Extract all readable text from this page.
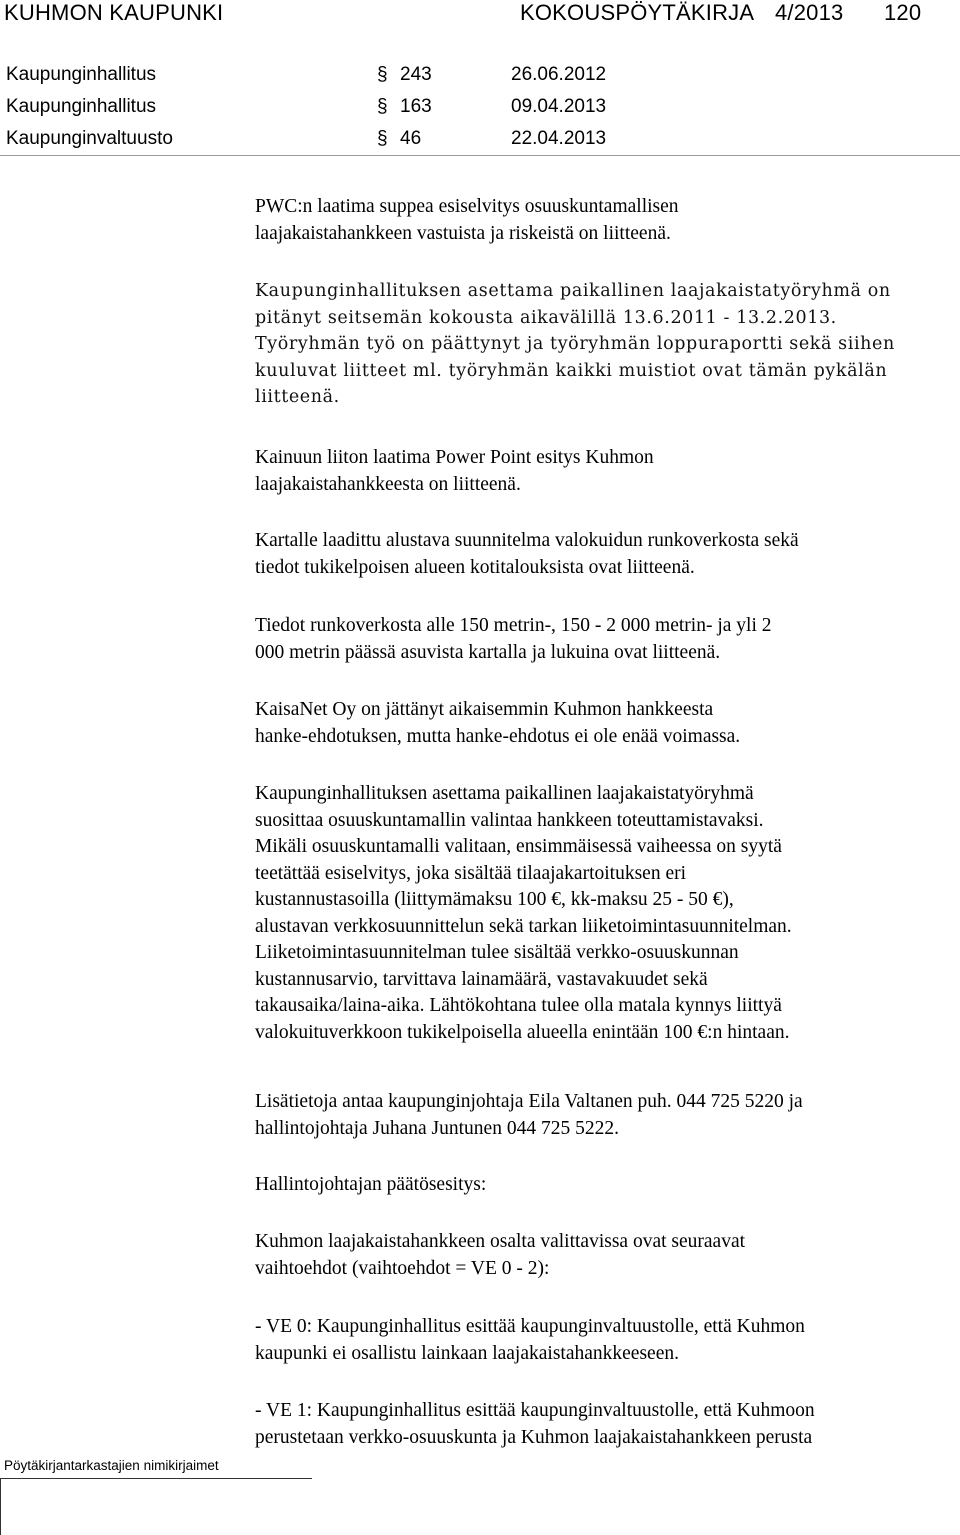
KUHMON KAUPUNKI	KOKOUSPÖYTÄKIRJA 4/2013 120
Kaupunginhallitus	§ 243	26.06.2012
Kaupunginhallitus	§ 163	09.04.2013
Kaupunginvaltuusto	§ 46	22.04.2013
PWC:n laatima suppea esiselvitys osuuskuntamallisen
laajakaistahankkeen vastuista ja riskeistä on liitteenä.
Kaupunginhallituksen asettama paikallinen laajakaistatyöryhmä on
pitänyt seitsemän kokousta aikavälillä 13.6.2011 - 13.2.2013.
Työryhmän työ on päättynyt ja työryhmän loppuraportti sekä siihen
kuuluvat liitteet ml. työryhmän kaikki muistiot ovat tämän pykälän
liitteenä.
Kainuun liiton laatima Power Point esitys Kuhmon
laajakaistahankkeesta on liitteenä.
Kartalle laadittu alustava suunnitelma valokuidun runkoverkosta sekä
tiedot tukikelpoisen alueen kotitalouksista ovat liitteenä.
Tiedot runkoverkosta alle 150 metrin-, 150 - 2 000 metrin- ja yli 2
000 metrin päässä asuvista kartalla ja lukuina ovat liitteenä.
KaisaNet Oy on jättänyt aikaisemmin Kuhmon hankkeesta
hanke-ehdotuksen, mutta hanke-ehdotus ei ole enää voimassa.
Kaupunginhallituksen asettama paikallinen laajakaistatyöryhmä
suosittaa osuuskuntamallin valintaa hankkeen toteuttamistavaksi.
Mikäli osuuskuntamalli valitaan, ensimmäisessä vaiheessa on syytä
teetättää esiselvitys, joka sisältää tilaajakartoituksen eri
kustannustasoilla (liittymämaksu 100 €, kk-maksu 25 - 50 €),
alustavan verkkosuunnittelun sekä tarkan liiketoimintasuunnitelman.
Liiketoimintasuunnitelman tulee sisältää verkko-osuuskunnan
kustannusarvio, tarvittava lainamäärä, vastavakuudet sekä
takausaika/laina-aika. Lähtökohtana tulee olla matala kynnys liittyä
valokuituverkkoon tukikelpoisella alueella enintään 100 €:n hintaan.
Lisätietoja antaa kaupunginjohtaja Eila Valtanen puh. 044 725 5220 ja
hallintojohtaja Juhana Juntunen 044 725 5222.
Hallintojohtajan päätösesitys:
Kuhmon laajakaistahankkeen osalta valittavissa ovat seuraavat
vaihtoehdot (vaihtoehdot = VE 0 - 2):
- VE 0: Kaupunginhallitus esittää kaupunginvaltuustolle, että Kuhmon
kaupunki ei osallistu lainkaan laajakaistahankkeeseen.
- VE 1: Kaupunginhallitus esittää kaupunginvaltuustolle, että Kuhmoon
perustetaan verkko-osuuskunta ja Kuhmon laajakaistahankkeen perusta
Pöytäkirjantarkastajien nimikirjaimet
